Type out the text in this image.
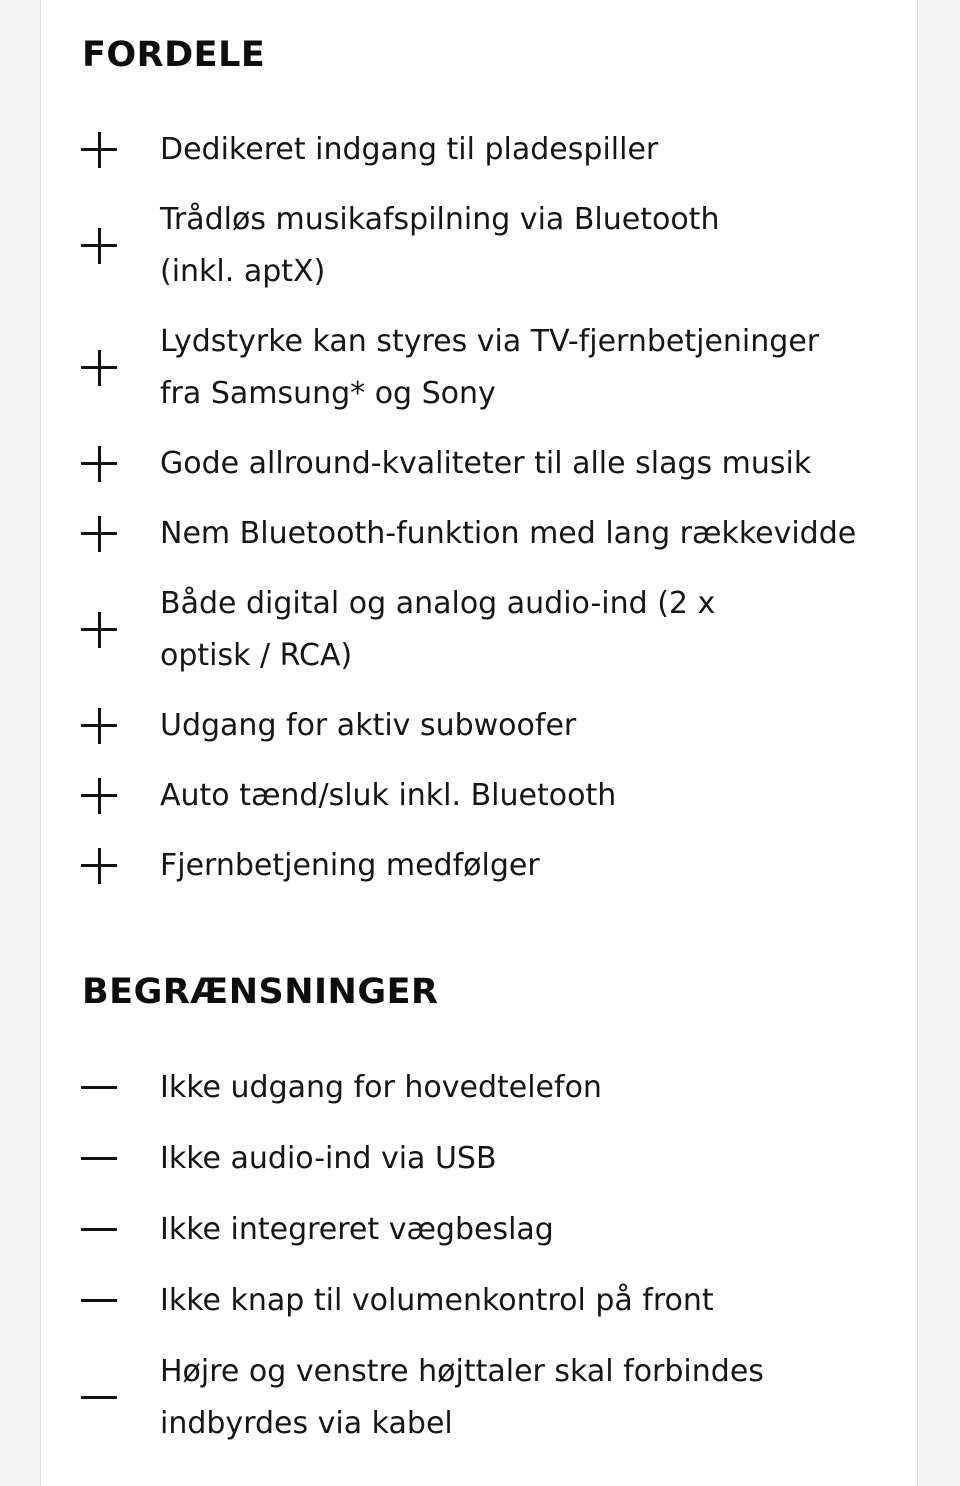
FORDELE
Dedikeret indgang til pladespiller
Trådløs musikafspilning via Bluetooth (inkl. aptX)
Lydstyrke kan styres via TV-fjernbetjeninger fra Samsung* og Sony
Gode allround-kvaliteter til alle slags musik
Nem Bluetooth-funktion med lang rækkevidde
Både digital og analog audio-ind (2 x optisk / RCA)
Udgang for aktiv subwoofer
Auto tænd/sluk inkl. Bluetooth
Fjernbetjening medfølger
BEGRÆNSNINGER
Ikke udgang for hovedtelefon
Ikke audio-ind via USB
Ikke integreret vægbeslag
Ikke knap til volumenkontrol på front
Højre og venstre højttaler skal forbindes indbyrdes via kabel
